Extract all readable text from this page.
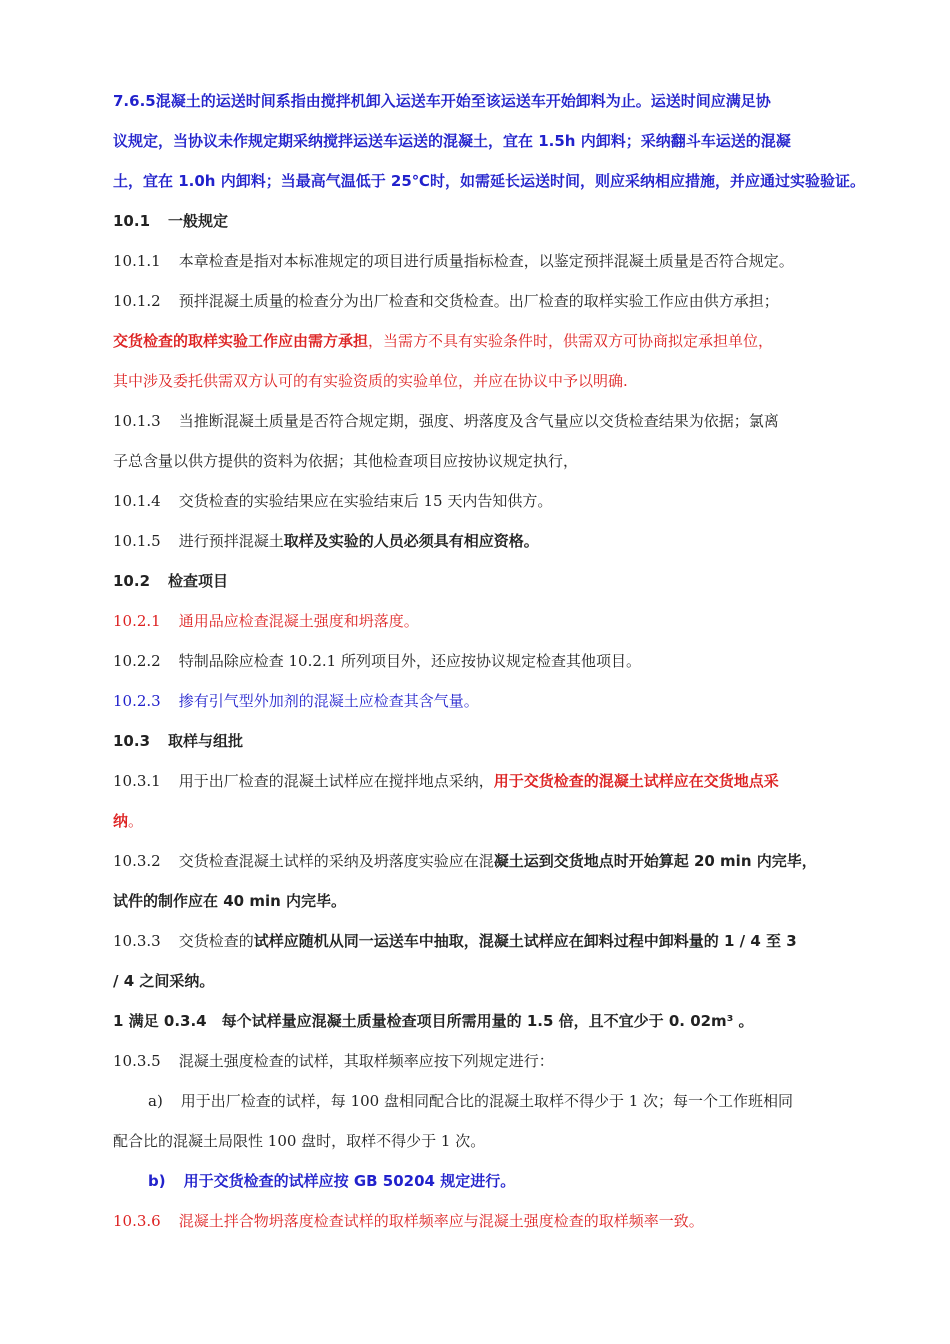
7.6.5混凝土的运送时间系指由搅拌机卸入运送车开始至该运送车开始卸料为止。运送时间应满足协
议规定，当协议未作规定期采纳搅拌运送车运送的混凝土，宜在 1.5h 内卸料；采纳翻斗车运送的混凝
土，宜在 1.0h 内卸料；当最高气温低于 25℃时，如需延长运送时间，则应采纳相应措施，并应通过实验验证。
10.1 一般规定
10.1.1 本章检查是指对本标准规定的项目进行质量指标检查，以鉴定预拌混凝土质量是否符合规定。
10.1.2 预拌混凝土质量的检查分为出厂检查和交货检查。出厂检查的取样实验工作应由供方承担；
交货检查的取样实验工作应由需方承担，当需方不具有实验条件时，供需双方可协商拟定承担单位，
其中涉及委托供需双方认可的有实验资质的实验单位，并应在协议中予以明确.
10.1.3 当推断混凝土质量是否符合规定期，强度、坍落度及含气量应以交货检查结果为依据；氯离
子总含量以供方提供的资料为依据；其他检查项目应按协议规定执行，
10.1.4 交货检查的实验结果应在实验结束后 15 天内告知供方。
10.1.5 进行预拌混凝土取样及实验的人员必须具有相应资格。
10.2 检查项目
10.2.1 通用品应检查混凝土强度和坍落度。
10.2.2 特制品除应检查 10.2.1 所列项目外，还应按协议规定检查其他项目。
10.2.3 掺有引气型外加剂的混凝土应检查其含气量。
10.3 取样与组批
10.3.1 用于出厂检查的混凝土试样应在搅拌地点采纳，用于交货检查的混凝土试样应在交货地点采
纳。
10.3.2 交货检查混凝土试样的采纳及坍落度实验应在混凝土运到交货地点时开始算起 20 min 内完毕，
试件的制作应在 40 min 内完毕。
10.3.3 交货检查的试样应随机从同一运送车中抽取，混凝土试样应在卸料过程中卸料量的 1 / 4 至 3
/ 4 之间采纳。
1 满足 0.3.4　每个试样量应混凝土质量检查项目所需用量的 1.5 倍，且不宜少于 0. 02m³ 。
10.3.5 混凝土强度检查的试样，其取样频率应按下列规定进行：
a) 用于出厂检查的试样，每 100 盘相同配合比的混凝土取样不得少于 1 次；每一个工作班相同
配合比的混凝土局限性 100 盘时，取样不得少于 1 次。
b) 用于交货检查的试样应按 GB 50204 规定进行。
10.3.6 混凝土拌合物坍落度检查试样的取样频率应与混凝土强度检查的取样频率一致。
